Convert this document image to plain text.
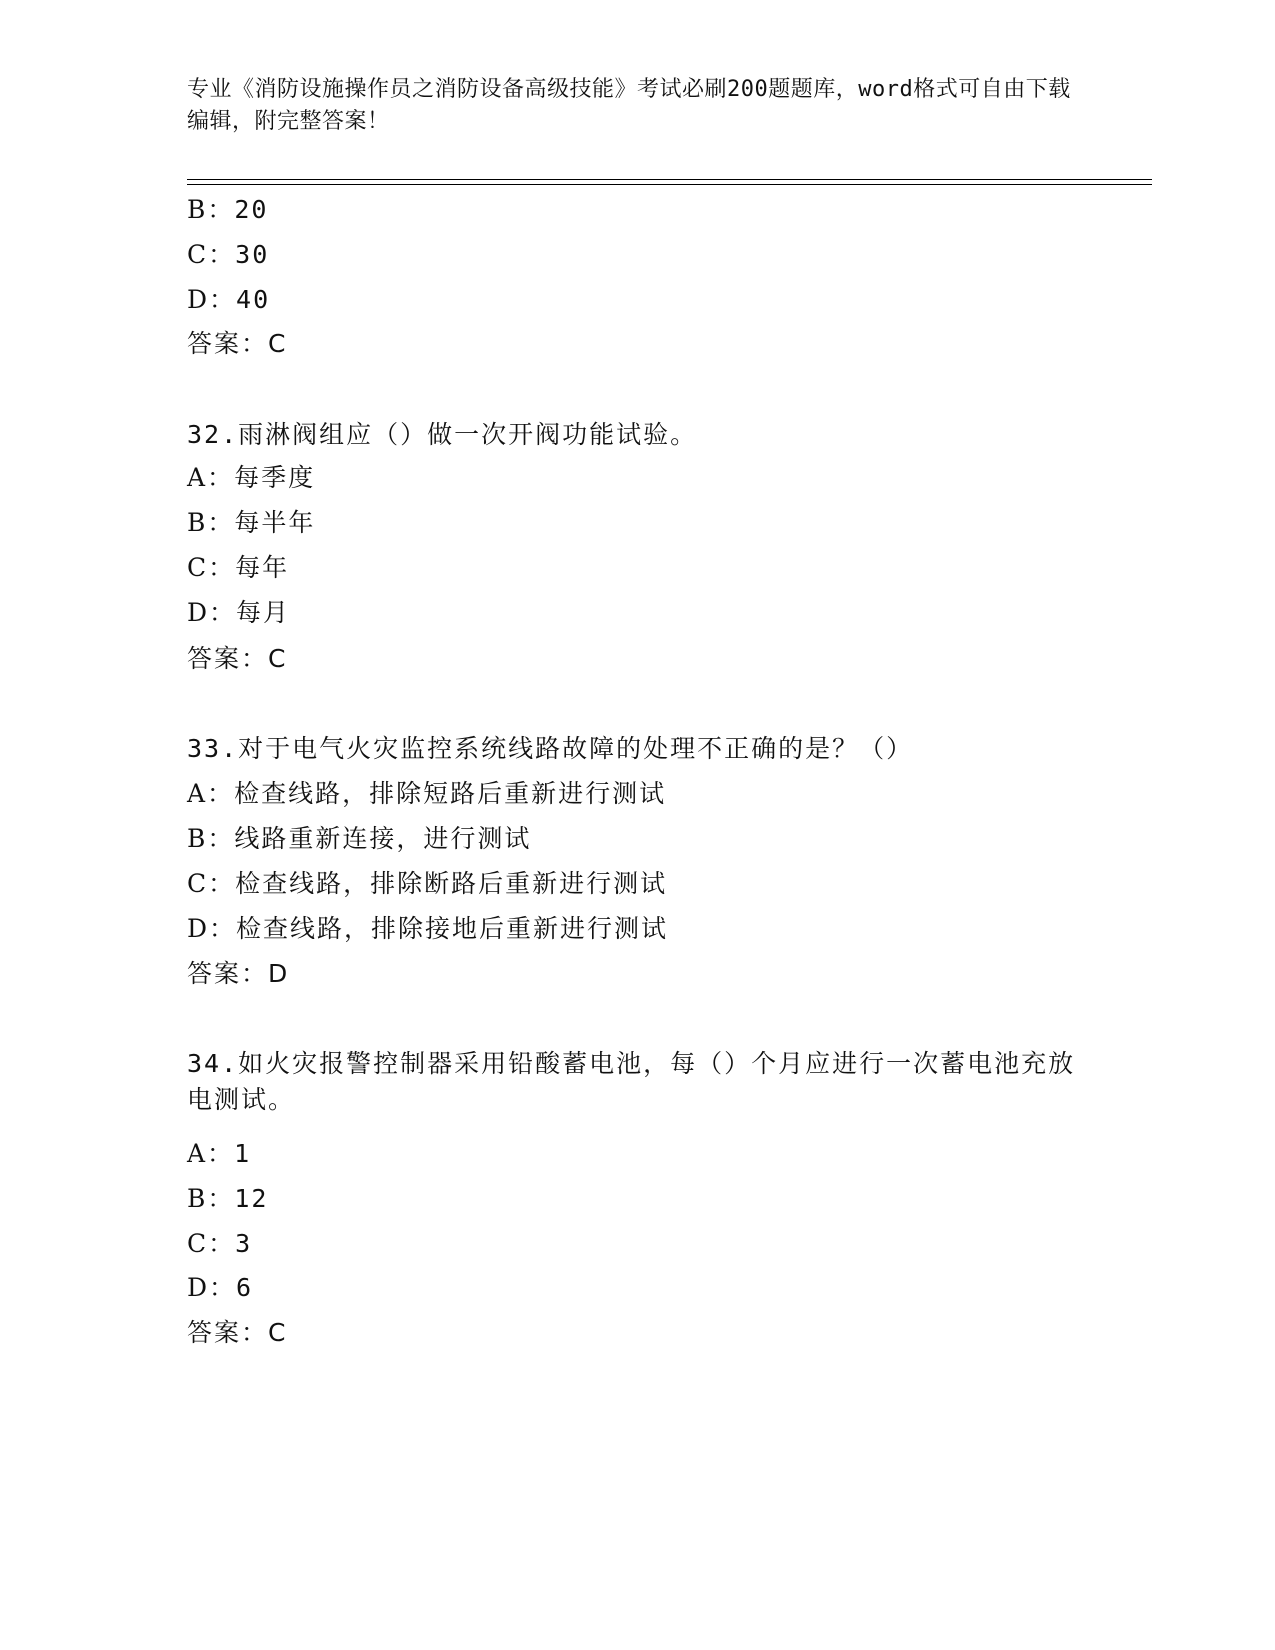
专业《消防设施操作员之消防设备高级技能》考试必刷200题题库，word格式可自由下载编辑，附完整答案！
B：20
C：30
D：40
答案：C
32.雨淋阀组应（）做一次开阀功能试验。
A：每季度
B：每半年
C：每年
D：每月
答案：C
33.对于电气火灾监控系统线路故障的处理不正确的是？（）
A：检查线路，排除短路后重新进行测试
B：线路重新连接，进行测试
C：检查线路，排除断路后重新进行测试
D：检查线路，排除接地后重新进行测试
答案：D
34.如火灾报警控制器采用铅酸蓄电池，每（）个月应进行一次蓄电池充放电测试。
A：1
B：12
C：3
D：6
答案：C
